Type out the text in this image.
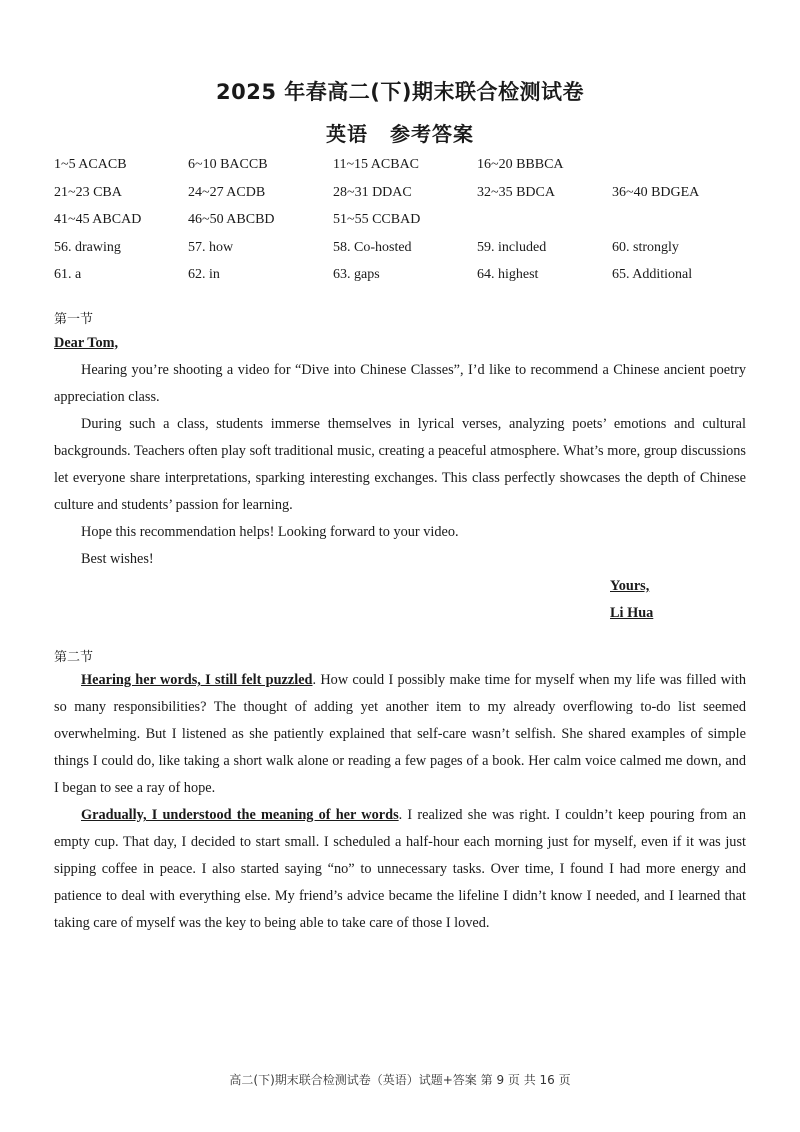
2025 年春高二(下)期末联合检测试卷
英语 参考答案
1~5 ACACB	6~10 BACCB	11~15 ACBAC	16~20 BBBCA
21~23 CBA	24~27 ACDB	28~31 DDAC	32~35 BDCA	36~40 BDGEA
41~45 ABCAD	46~50 ABCBD	51~55 CCBAD
56. drawing	57. how	58. Co-hosted	59. included	60. strongly
61. a	62. in	63. gaps	64. highest	65. Additional
第一节

Dear Tom,

Hearing you’re shooting a video for “Dive into Chinese Classes”, I’d like to recommend a Chinese ancient poetry appreciation class.

During such a class, students immerse themselves in lyrical verses, analyzing poets’ emotions and cultural backgrounds. Teachers often play soft traditional music, creating a peaceful atmosphere. What’s more, group discussions let everyone share interpretations, sparking interesting exchanges. This class perfectly showcases the depth of Chinese culture and students’ passion for learning.

Hope this recommendation helps! Looking forward to your video.

Best wishes!

Yours,
Li Hua
第二节

Hearing her words, I still felt puzzled. How could I possibly make time for myself when my life was filled with so many responsibilities? The thought of adding yet another item to my already overflowing to-do list seemed overwhelming. But I listened as she patiently explained that self-care wasn’t selfish. She shared examples of simple things I could do, like taking a short walk alone or reading a few pages of a book. Her calm voice calmed me down, and I began to see a ray of hope.

Gradually, I understood the meaning of her words. I realized she was right. I couldn’t keep pouring from an empty cup. That day, I decided to start small. I scheduled a half-hour each morning just for myself, even if it was just sipping coffee in peace. I also started saying “no” to unnecessary tasks. Over time, I found I had more energy and patience to deal with everything else. My friend’s advice became the lifeline I didn’t know I needed, and I learned that taking care of myself was the key to being able to take care of those I loved.

高二(下)期末联合检测试卷（英语）试题+答案 第 9 页 共 16 页
